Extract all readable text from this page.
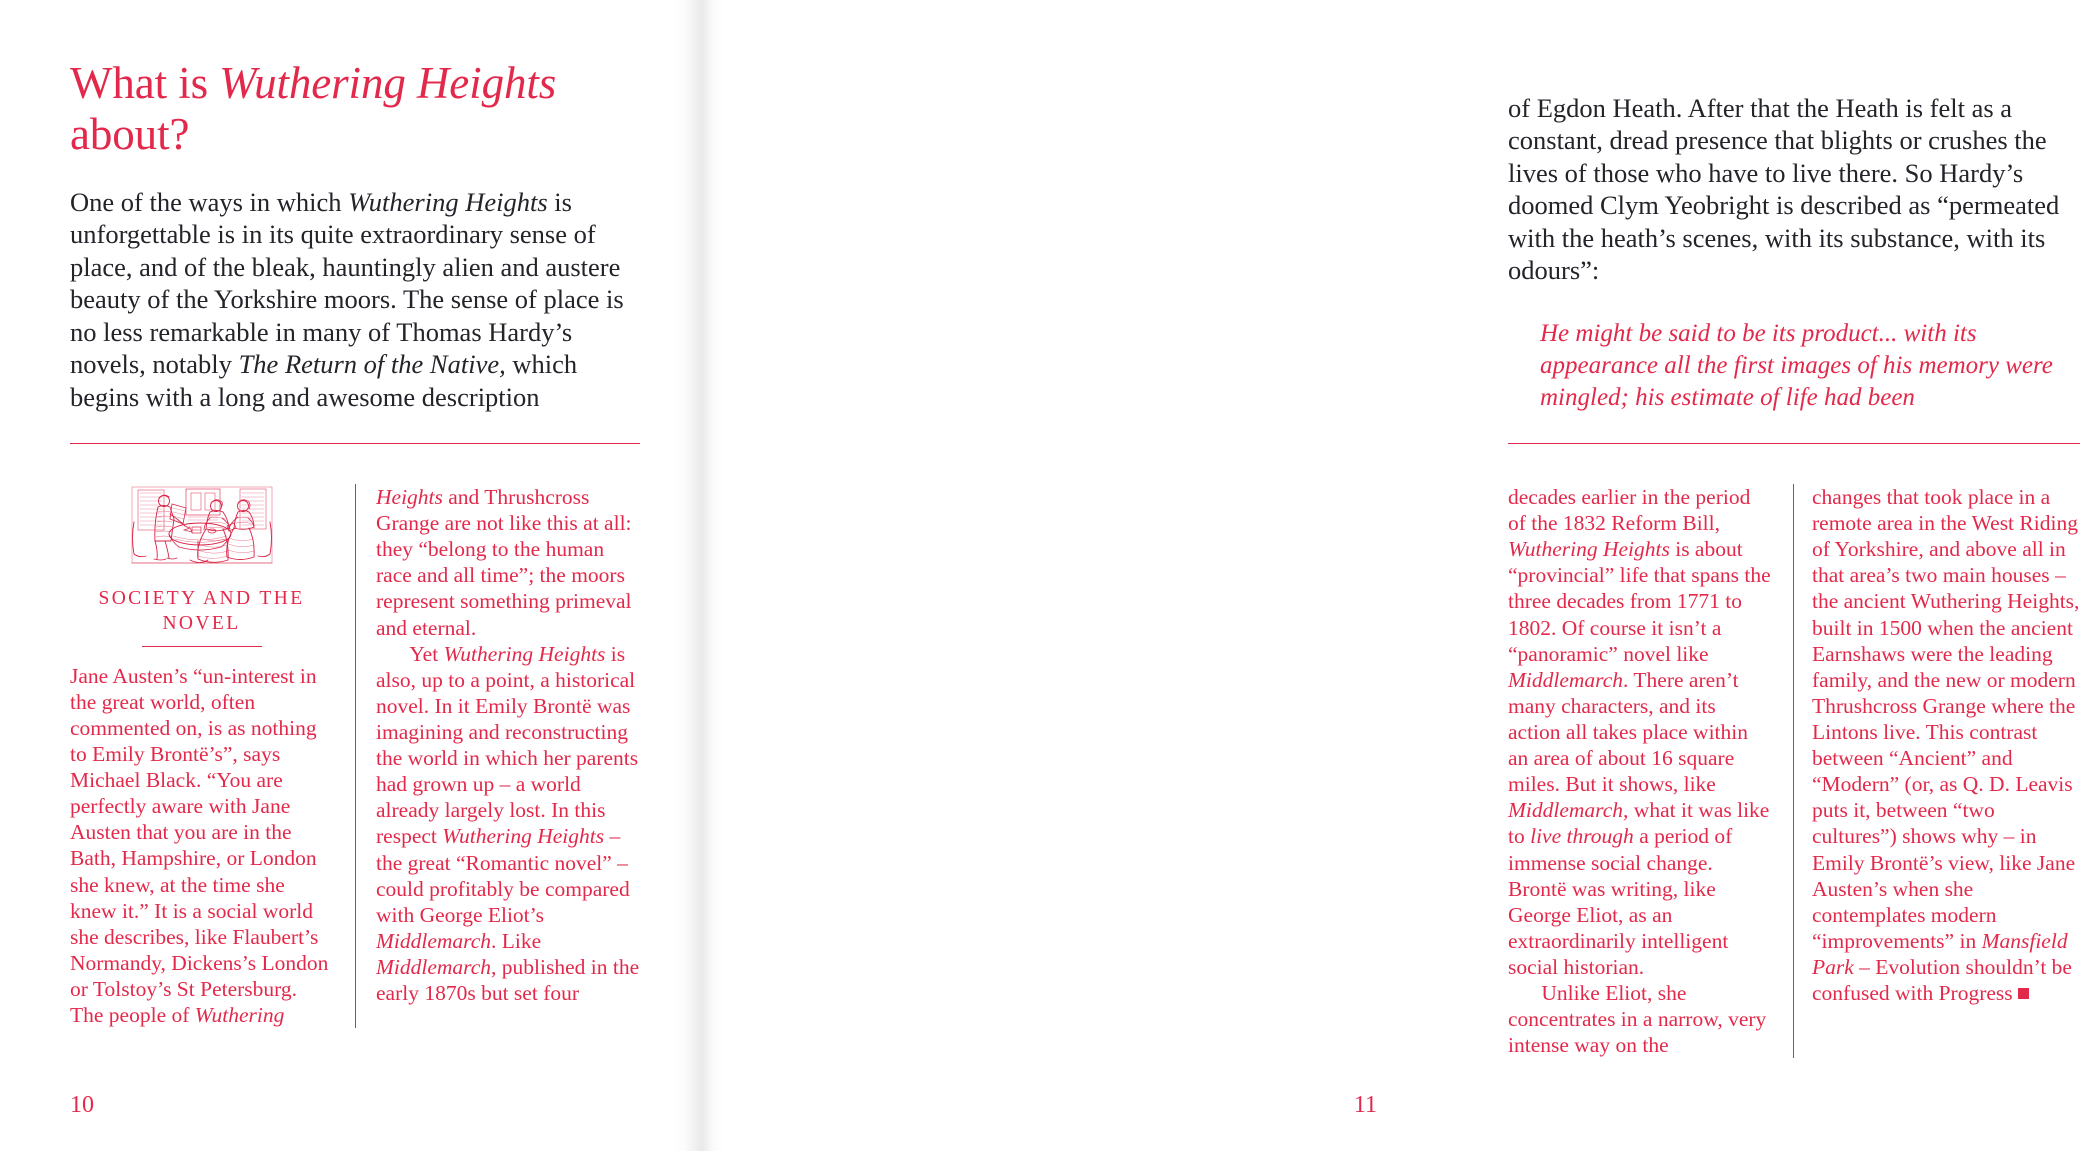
What is Wuthering Heights about?

One of the ways in which Wuthering Heights is unforgettable is in its quite extraordinary sense of place, and of the bleak, hauntingly alien and austere beauty of the Yorkshire moors. The sense of place is no less remarkable in many of Thomas Hardy’s novels, notably The Return of the Native, which begins with a long and awesome description

SOCIETY AND THE NOVEL

Jane Austen’s “un-interest in the great world, often commented on, is as nothing to Emily Brontë’s”, says Michael Black. “You are perfectly aware with Jane Austen that you are in the Bath, Hampshire, or London she knew, at the time she knew it.” It is a social world she describes, like Flaubert’s Normandy, Dickens’s London or Tolstoy’s St Petersburg. The people of Wuthering

Heights and Thrushcross Grange are not like this at all: they “belong to the human race and all time”; the moors represent something primeval and eternal.

Yet Wuthering Heights is also, up to a point, a historical novel. In it Emily Brontë was imagining and reconstructing the world in which her parents had grown up – a world already largely lost. In this respect Wuthering Heights – the great “Romantic novel” – could profitably be compared with George Eliot’s Middlemarch. Like Middlemarch, published in the early 1870s but set four

10

of Egdon Heath. After that the Heath is felt as a constant, dread presence that blights or crushes the lives of those who have to live there. So Hardy’s doomed Clym Yeobright is described as “permeated with the heath’s scenes, with its substance, with its odours”:

He might be said to be its product... with its appearance all the first images of his memory were mingled; his estimate of life had been

decades earlier in the period of the 1832 Reform Bill, Wuthering Heights is about “provincial” life that spans the three decades from 1771 to 1802. Of course it isn’t a “panoramic” novel like Middlemarch. There aren’t many characters, and its action all takes place within an area of about 16 square miles. But it shows, like Middlemarch, what it was like to live through a period of immense social change. Brontë was writing, like George Eliot, as an extraordinarily intelligent social historian.

Unlike Eliot, she concentrates in a narrow, very intense way on the

changes that took place in a remote area in the West Riding of Yorkshire, and above all in that area’s two main houses – the ancient Wuthering Heights, built in 1500 when the ancient Earnshaws were the leading family, and the new or modern Thrushcross Grange where the Lintons live. This contrast between “Ancient” and “Modern” (or, as Q. D. Leavis puts it, between “two cultures”) shows why – in Emily Brontë’s view, like Jane Austen’s when she contemplates modern “improvements” in Mansfield Park – Evolution shouldn’t be confused with Progress

11
